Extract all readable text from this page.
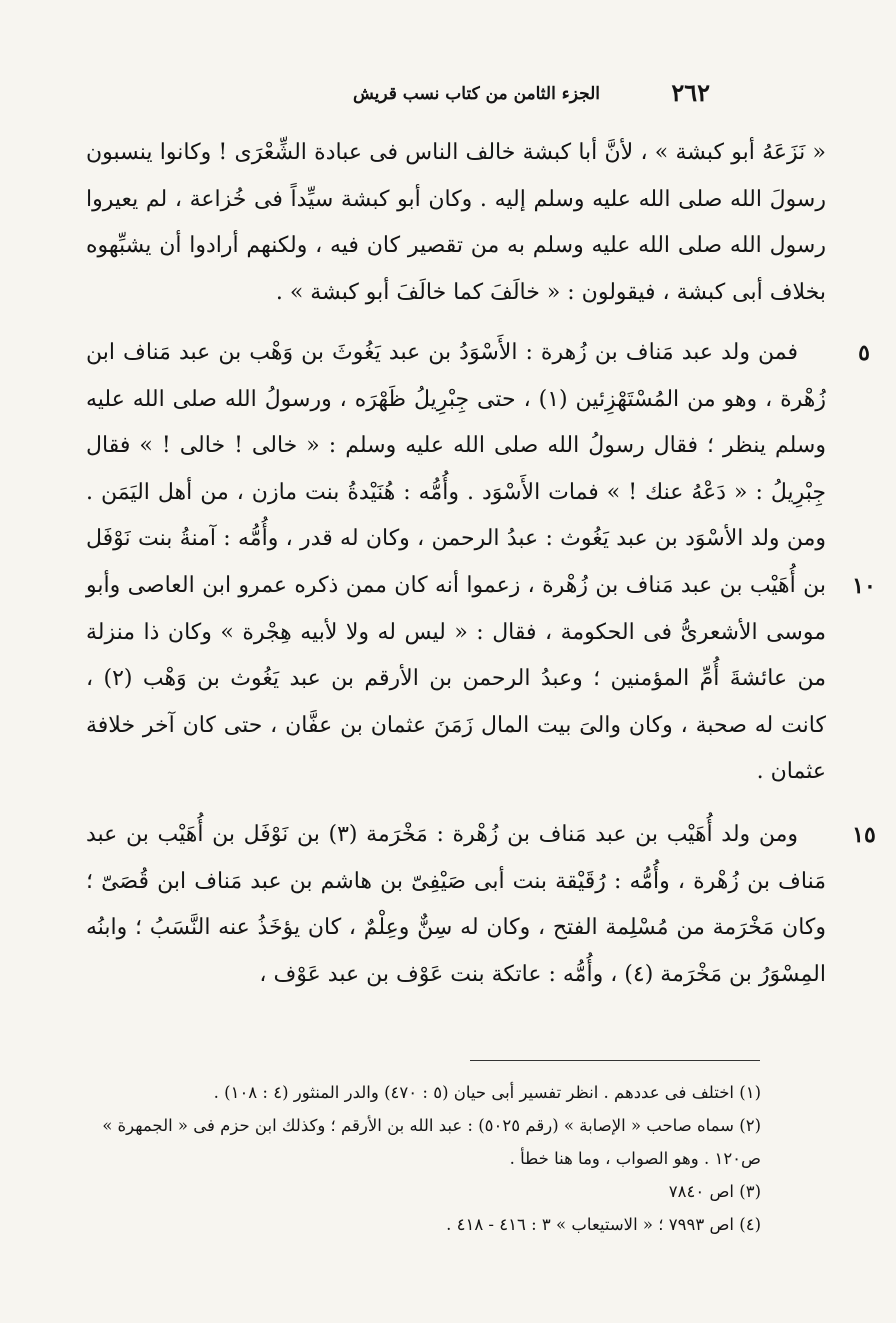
٢٦٢
الجزء الثامن من كتاب نسب قريش
« نَزَعَهُ أبو كبشة » ، لأنَّ أبا كبشة خالف الناس فى عبادة الشِّعْرَى ! وكانوا ينسبون رسولَ الله صلى الله عليه وسلم إليه . وكان أبو كبشة سيِّداً فى خُزاعة ، لم يعيروا رسول الله صلى الله عليه وسلم به من تقصير كان فيه ، ولكنهم أرادوا أن يشبِّهوه بخلاف أبى كبشة ، فيقولون : « خالَفَ كما خالَفَ أبو كبشة » .
٥
١٠
فمن ولد عبد مَناف بن زُهرة : الأَسْوَدُ بن عبد يَغُوثَ بن وَهْب بن عبد مَناف ابن زُهْرة ، وهو من المُسْتَهْزِئين (١) ، حتى جِبْرِيلُ ظَهْرَه ، ورسولُ الله صلى الله عليه وسلم ينظر ؛ فقال رسولُ الله صلى الله عليه وسلم : « خالى ! خالى ! » فقال جِبْرِيلُ : « دَعْهُ عنك ! » فمات الأَسْوَد . وأُمُّه : هُنَيْدةُ بنت مازن ، من أهل اليَمَن . ومن ولد الأسْوَد بن عبد يَغُوث : عبدُ الرحمن ، وكان له قدر ، وأُمُّه : آمنةُ بنت نَوْفَل بن أُهَيْب بن عبد مَناف بن زُهْرة ، زعموا أنه كان ممن ذكره عمرو ابن العاصى وأبو موسى الأشعرىُّ فى الحكومة ، فقال : « ليس له ولا لأبيه هِجْرة » وكان ذا منزلة من عائشةَ أُمِّ المؤمنين ؛ وعبدُ الرحمن بن الأرقم بن عبد يَغُوث بن وَهْب (٢) ، كانت له صحبة ، وكان والىَ بيت المال زَمَنَ عثمان بن عفَّان ، حتى كان آخر خلافة عثمان .
١٥
ومن ولد أُهَيْب بن عبد مَناف بن زُهْرة : مَخْرَمة (٣) بن نَوْفَل بن أُهَيْب بن عبد مَناف بن زُهْرة ، وأُمُّه : رُقَيْقة بنت أبى صَيْفِىّ بن هاشم بن عبد مَناف ابن قُصَىّ ؛ وكان مَخْرَمة من مُسْلِمة الفتح ، وكان له سِنٌّ وعِلْمٌ ، كان يؤخَذُ عنه النَّسَبُ ؛ وابنُه المِسْوَرُ بن مَخْرَمة (٤) ، وأُمُّه : عاتكة بنت عَوْف بن عبد عَوْف ،

(١) اختلف فى عددهم . انظر تفسير أبى حيان (٥ : ٤٧٠) والدر المنثور (٤ : ١٠٨) .

(٢) سماه صاحب « الإصابة » (رقم ٥٠٢٥) : عبد الله بن الأرقم ؛ وكذلك ابن حزم فى « الجمهرة » ص١٢٠ . وهو الصواب ، وما هنا خطأ .

(٣) اص ٧٨٤٠

(٤) اص ٧٩٩٣ ؛ « الاستيعاب » ٣ : ٤١٦ - ٤١٨ .
